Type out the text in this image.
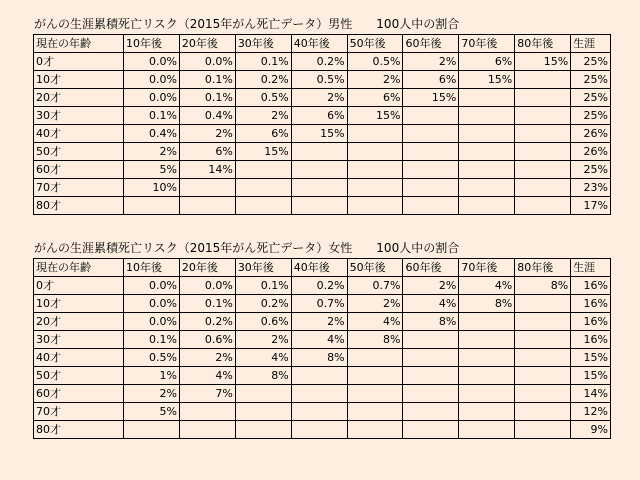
がんの生涯累積死亡リスク（2015年がん死亡データ）男性　　100人中の割合
現在の年齢	10年後	20年後	30年後	40年後	50年後	60年後	70年後	80年後	生涯
0才	0.0%	0.0%	0.1%	0.2%	0.5%	2%	6%	15%	25%
10才	0.0%	0.1%	0.2%	0.5%	2%	6%	15%		25%
20才	0.0%	0.1%	0.5%	2%	6%	15%			25%
30才	0.1%	0.4%	2%	6%	15%				25%
40才	0.4%	2%	6%	15%					26%
50才	2%	6%	15%						26%
60才	5%	14%							25%
70才	10%								23%
80才									17%
がんの生涯累積死亡リスク（2015年がん死亡データ）女性　　100人中の割合
現在の年齢	10年後	20年後	30年後	40年後	50年後	60年後	70年後	80年後	生涯
0才	0.0%	0.0%	0.1%	0.2%	0.7%	2%	4%	8%	16%
10才	0.0%	0.1%	0.2%	0.7%	2%	4%	8%		16%
20才	0.0%	0.2%	0.6%	2%	4%	8%			16%
30才	0.1%	0.6%	2%	4%	8%				16%
40才	0.5%	2%	4%	8%					15%
50才	1%	4%	8%						15%
60才	2%	7%							14%
70才	5%								12%
80才									9%
